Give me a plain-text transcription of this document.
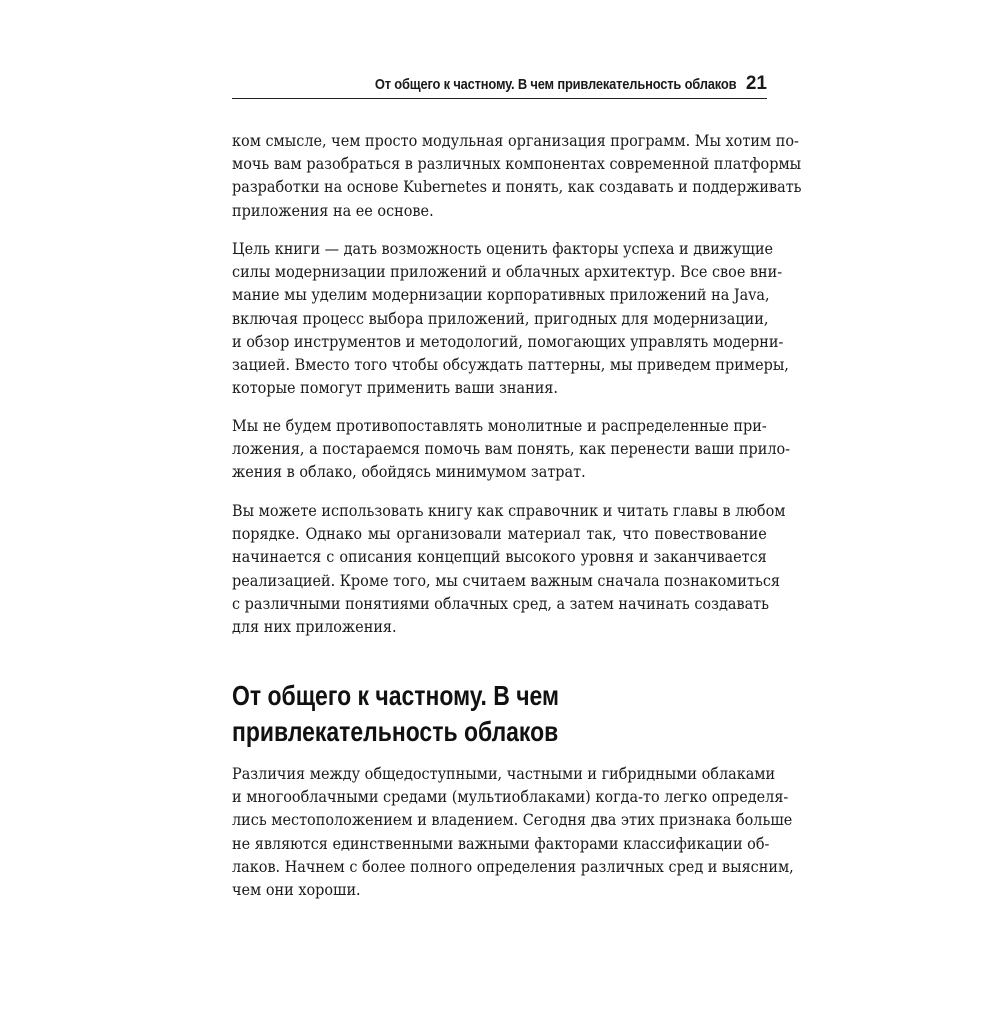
От общего к частному. В чем привлекательность облаков 21

ком смысле, чем просто модульная организация программ. Мы хотим по-
мочь вам разобраться в различных компонентах современной платформы
разработки на основе Kubernetes и понять, как создавать и поддерживать
приложения на ее основе.

Цель книги — дать возможность оценить факторы успеха и движущие
силы модернизации приложений и облачных архитектур. Все свое вни-
мание мы уделим модернизации корпоративных приложений на Java,
включая процесс выбора приложений, пригодных для модернизации,
и обзор инструментов и методологий, помогающих управлять модерни-
зацией. Вместо того чтобы обсуждать паттерны, мы приведем примеры,
которые помогут применить ваши знания.

Мы не будем противопоставлять монолитные и распределенные при-
ложения, а постараемся помочь вам понять, как перенести ваши прило-
жения в облако, обойдясь минимумом затрат.

Вы можете использовать книгу как справочник и читать главы в любом
порядке. Однако мы организовали материал так, что повествование
начинается с описания концепций высокого уровня и заканчивается
реализацией. Кроме того, мы считаем важным сначала познакомиться
с различными понятиями облачных сред, а затем начинать создавать
для них приложения.

От общего к частному. В чем
привлекательность облаков

Различия между общедоступными, частными и гибридными облаками
и многооблачными средами (мультиоблаками) когда-то легко определя-
лись местоположением и владением. Сегодня два этих признака больше
не являются единственными важными факторами классификации об-
лаков. Начнем с более полного определения различных сред и выясним,
чем они хороши.
